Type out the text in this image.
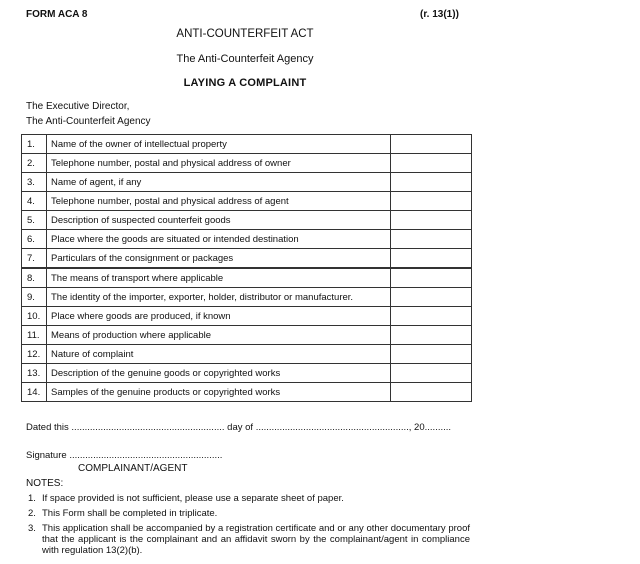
FORM ACA 8	(r. 13(1))
ANTI-COUNTERFEIT ACT
The Anti-Counterfeit Agency
LAYING A COMPLAINT
The Executive Director,
The Anti-Counterfeit Agency
1.	Name of the owner of intellectual property	
2.	Telephone number, postal and physical address of owner	
3.	Name of agent, if any	
4.	Telephone number, postal and physical address of agent	
5.	Description of suspected counterfeit goods	
6.	Place where the goods are situated or intended destination	
7.	Particulars of the consignment or packages	
8.	The means of transport where applicable	
9.	The identity of the importer, exporter, holder, distributor or manufacturer.	
10.	Place where goods are produced, if known	
11.	Means of production where applicable	
12.	Nature of complaint	
13.	Description of the genuine goods or copyrighted works	
14.	Samples of the genuine products or copyrighted works	
Dated this .......................................................... day of .........................................................., 20..........
Signature ..........................................................
COMPLAINANT/AGENT
NOTES:
1. If space provided is not sufficient, please use a separate sheet of paper.
2. This Form shall be completed in triplicate.
3. This application shall be accompanied by a registration certificate and or any other documentary proof that the applicant is the complainant and an affidavit sworn by the complainant/agent in compliance with regulation 13(2)(b).
